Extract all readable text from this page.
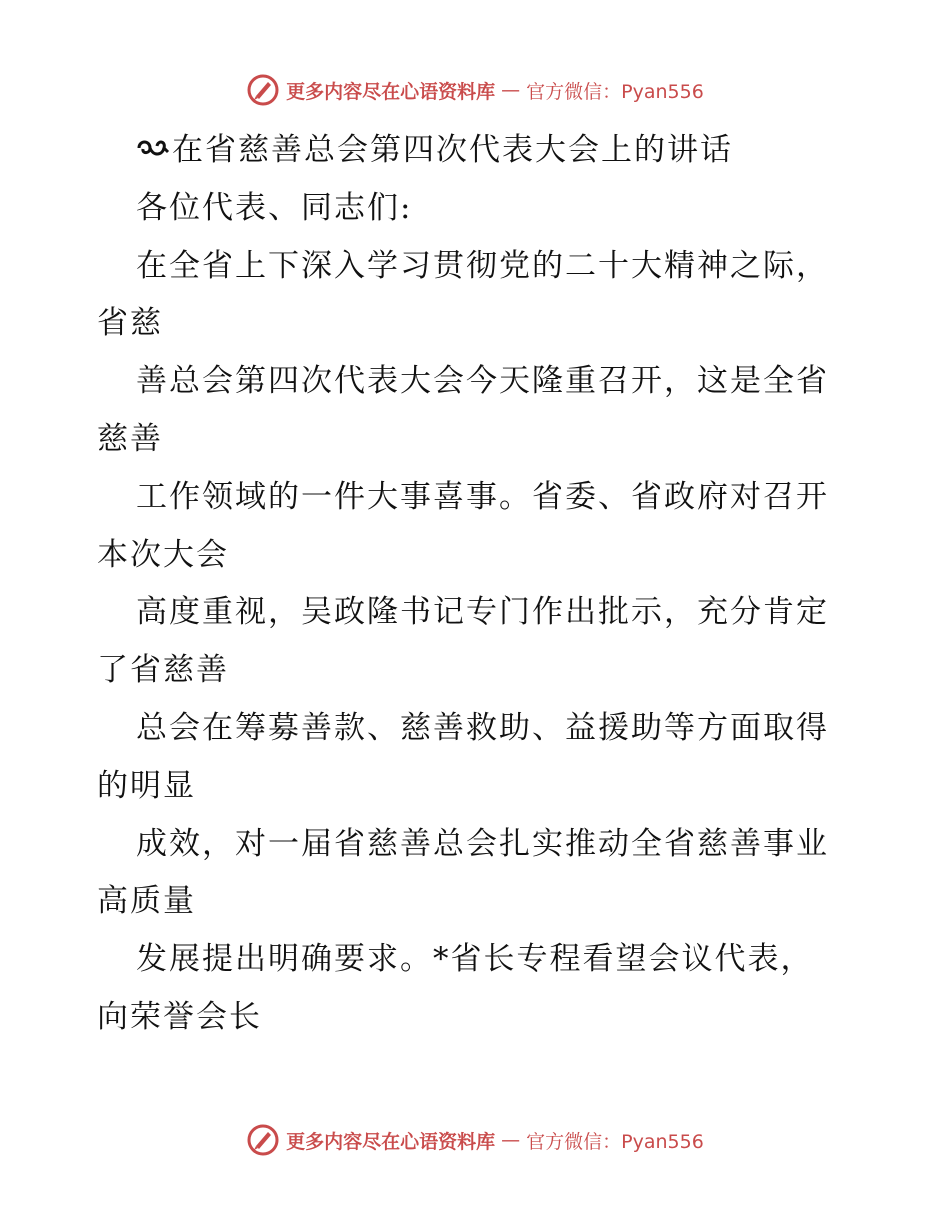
更多内容尽在心语资料库 — 官方微信：Pyan556
在省慈善总会第四次代表大会上的讲话
各位代表、同志们:
在全省上下深入学习贯彻党的二十大精神之际，
省慈
善总会第四次代表大会今天隆重召开，这是全省
慈善
工作领域的一件大事喜事。省委、省政府对召开
本次大会
高度重视，吴政隆书记专门作出批示，充分肯定
了省慈善
总会在筹募善款、慈善救助、益援助等方面取得
的明显
成效，对一届省慈善总会扎实推动全省慈善事业
高质量
发展提出明确要求。*省长专程看望会议代表，
向荣誉会长
更多内容尽在心语资料库 — 官方微信：Pyan556
